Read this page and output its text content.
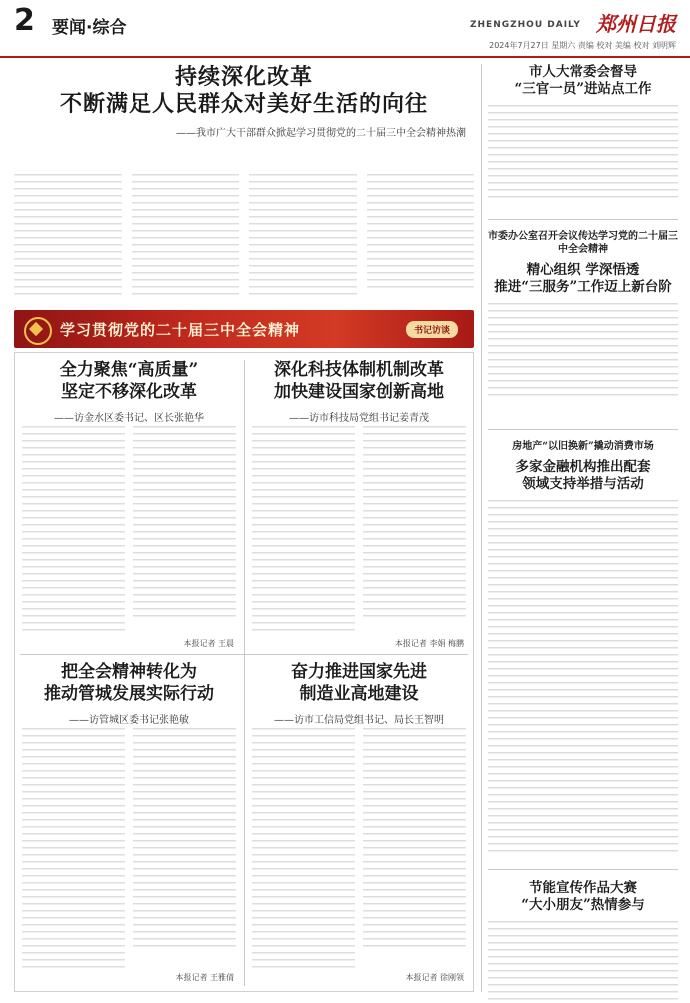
2 要闻·综合	ZHENGZHOU DAILY 郑州日报
2024年7月27日 星期六 责编 校对 美编 校对 刘明辉
持续深化改革
不断满足人民群众对美好生活的向往
——我市广大干部群众掀起学习贯彻党的二十届三中全会精神热潮
市人大常委会督导
“三官一员”进站点工作
市委办公室召开会议传达学习党的二十届三中全会精神
精心组织 学深悟透
推进“三服务”工作迈上新台阶
房地产“以旧换新”撬动消费市场
多家金融机构推出配套
领域支持举措与活动
节能宣传作品大赛
“大小朋友”热情参与
学习贯彻党的二十届三中全会精神	书记访谈
全力聚焦“高质量”
坚定不移深化改革
——访金水区委书记、区长张艳华
本报记者 王晨
深化科技体制机制改革
加快建设国家创新高地
——访市科技局党组书记姜青茂
本报记者 李娟 梅鹏
把全会精神转化为
推动管城发展实际行动
——访管城区委书记张艳敏
本报记者 王雅倩
奋力推进国家先进
制造业高地建设
——访市工信局党组书记、局长王智明
本报记者 徐刚领
